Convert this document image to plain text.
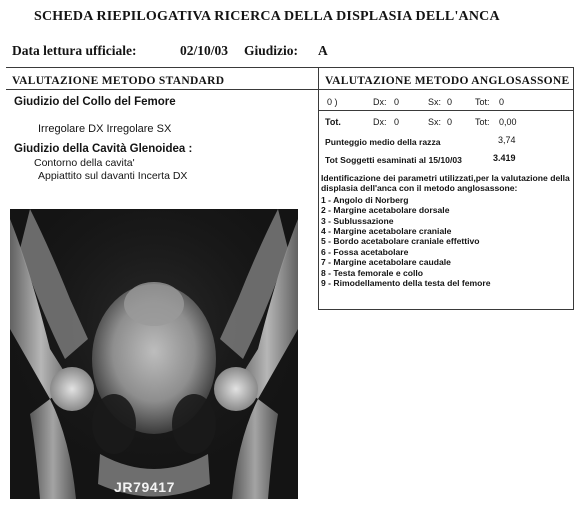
SCHEDA RIEPILOGATIVA RICERCA DELLA DISPLASIA DELL'ANCA
Data lettura ufficiale:	02/10/03 Giudizio: A
VALUTAZIONE METODO STANDARD
Giudizio del Collo del Femore
Irregolare DX Irregolare SX
Giudizio della Cavità Glenoidea :
Contorno della cavita'
Appiattito sul davanti Incerta DX
VALUTAZIONE METODO ANGLOSASSONE
0 )	Dx: 0	Sx: 0	Tot: 0
Tot.	Dx: 0	Sx: 0	Tot: 0,00
Punteggio medio della razza	3,74
Tot Soggetti esaminati al 15/10/03	3.419
Identificazione dei parametri utilizzati,per la valutazione della displasia dell'anca con il metodo anglosassone:
1 - Angolo di Norberg
2 - Margine acetabolare dorsale
3 - Sublussazione
4 - Margine acetabolare craniale
5 - Bordo acetabolare craniale effettivo
6 - Fossa acetabolare
7 - Margine acetabolare caudale
8 - Testa femorale e collo
9 - Rimodellamento della testa del femore
JR79417
